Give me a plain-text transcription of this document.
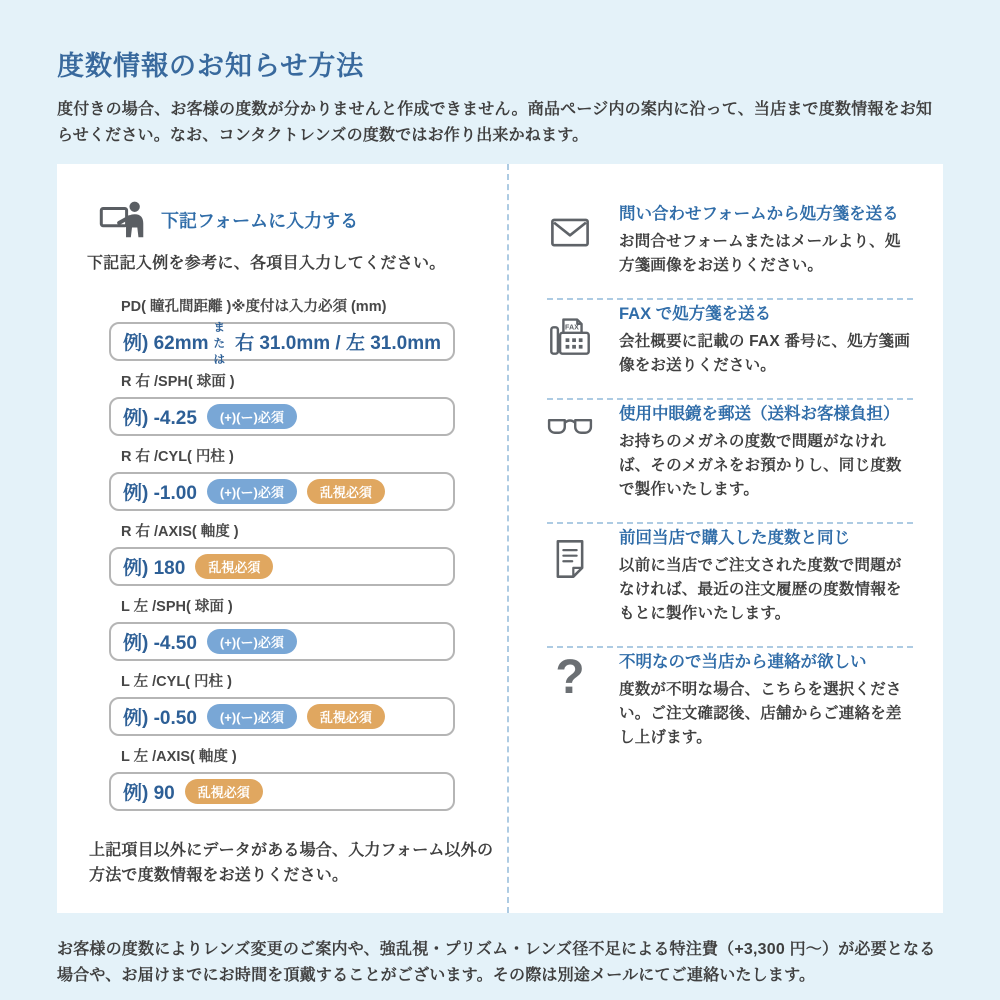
度数情報のお知らせ方法

度付きの場合、お客様の度数が分かりませんと作成できません。商品ページ内の案内に沿って、当店まで度数情報をお知らせください。なお、コンタクトレンズの度数ではお作り出来かねます。

下記フォームに入力する

下記記入例を参考に、各項目入力してください。

PD( 瞳孔間距離 )※度付は入力必須 (mm)
例) 62mm
または
右 31.0mm / 左 31.0mm
R 右 /SPH( 球面 )
例) -4.25	(+)(ー)必須
R 右 /CYL( 円柱 )
例) -1.00	(+)(ー)必須	乱視必須
R 右 /AXIS( 軸度 )
例) 180	乱視必須
L 左 /SPH( 球面 )
例) -4.50	(+)(ー)必須
L 左 /CYL( 円柱 )
例) -0.50	(+)(ー)必須	乱視必須
L 左 /AXIS( 軸度 )
例) 90	乱視必須

上記項目以外にデータがある場合、入力フォーム以外の方法で度数情報をお送りください。

問い合わせフォームから処方箋を送る
お問合せフォームまたはメールより、処方箋画像をお送りください。
FAX
FAX で処方箋を送る
会社概要に記載の FAX 番号に、処方箋画像をお送りください。
使用中眼鏡を郵送（送料お客様負担）
お持ちのメガネの度数で問題がなければ、そのメガネをお預かりし、同じ度数で製作いたします。
前回当店で購入した度数と同じ
以前に当店でご注文された度数で問題がなければ、最近の注文履歴の度数情報をもとに製作いたします。
? 不明なので当店から連絡が欲しい
度数が不明な場合、こちらを選択ください。ご注文確認後、店舗からご連絡を差し上げます。

お客様の度数によりレンズ変更のご案内や、強乱視・プリズム・レンズ径不足による特注費（+3,300 円〜）が必要となる場合や、お届けまでにお時間を頂戴することがございます。その際は別途メールにてご連絡いたします。
